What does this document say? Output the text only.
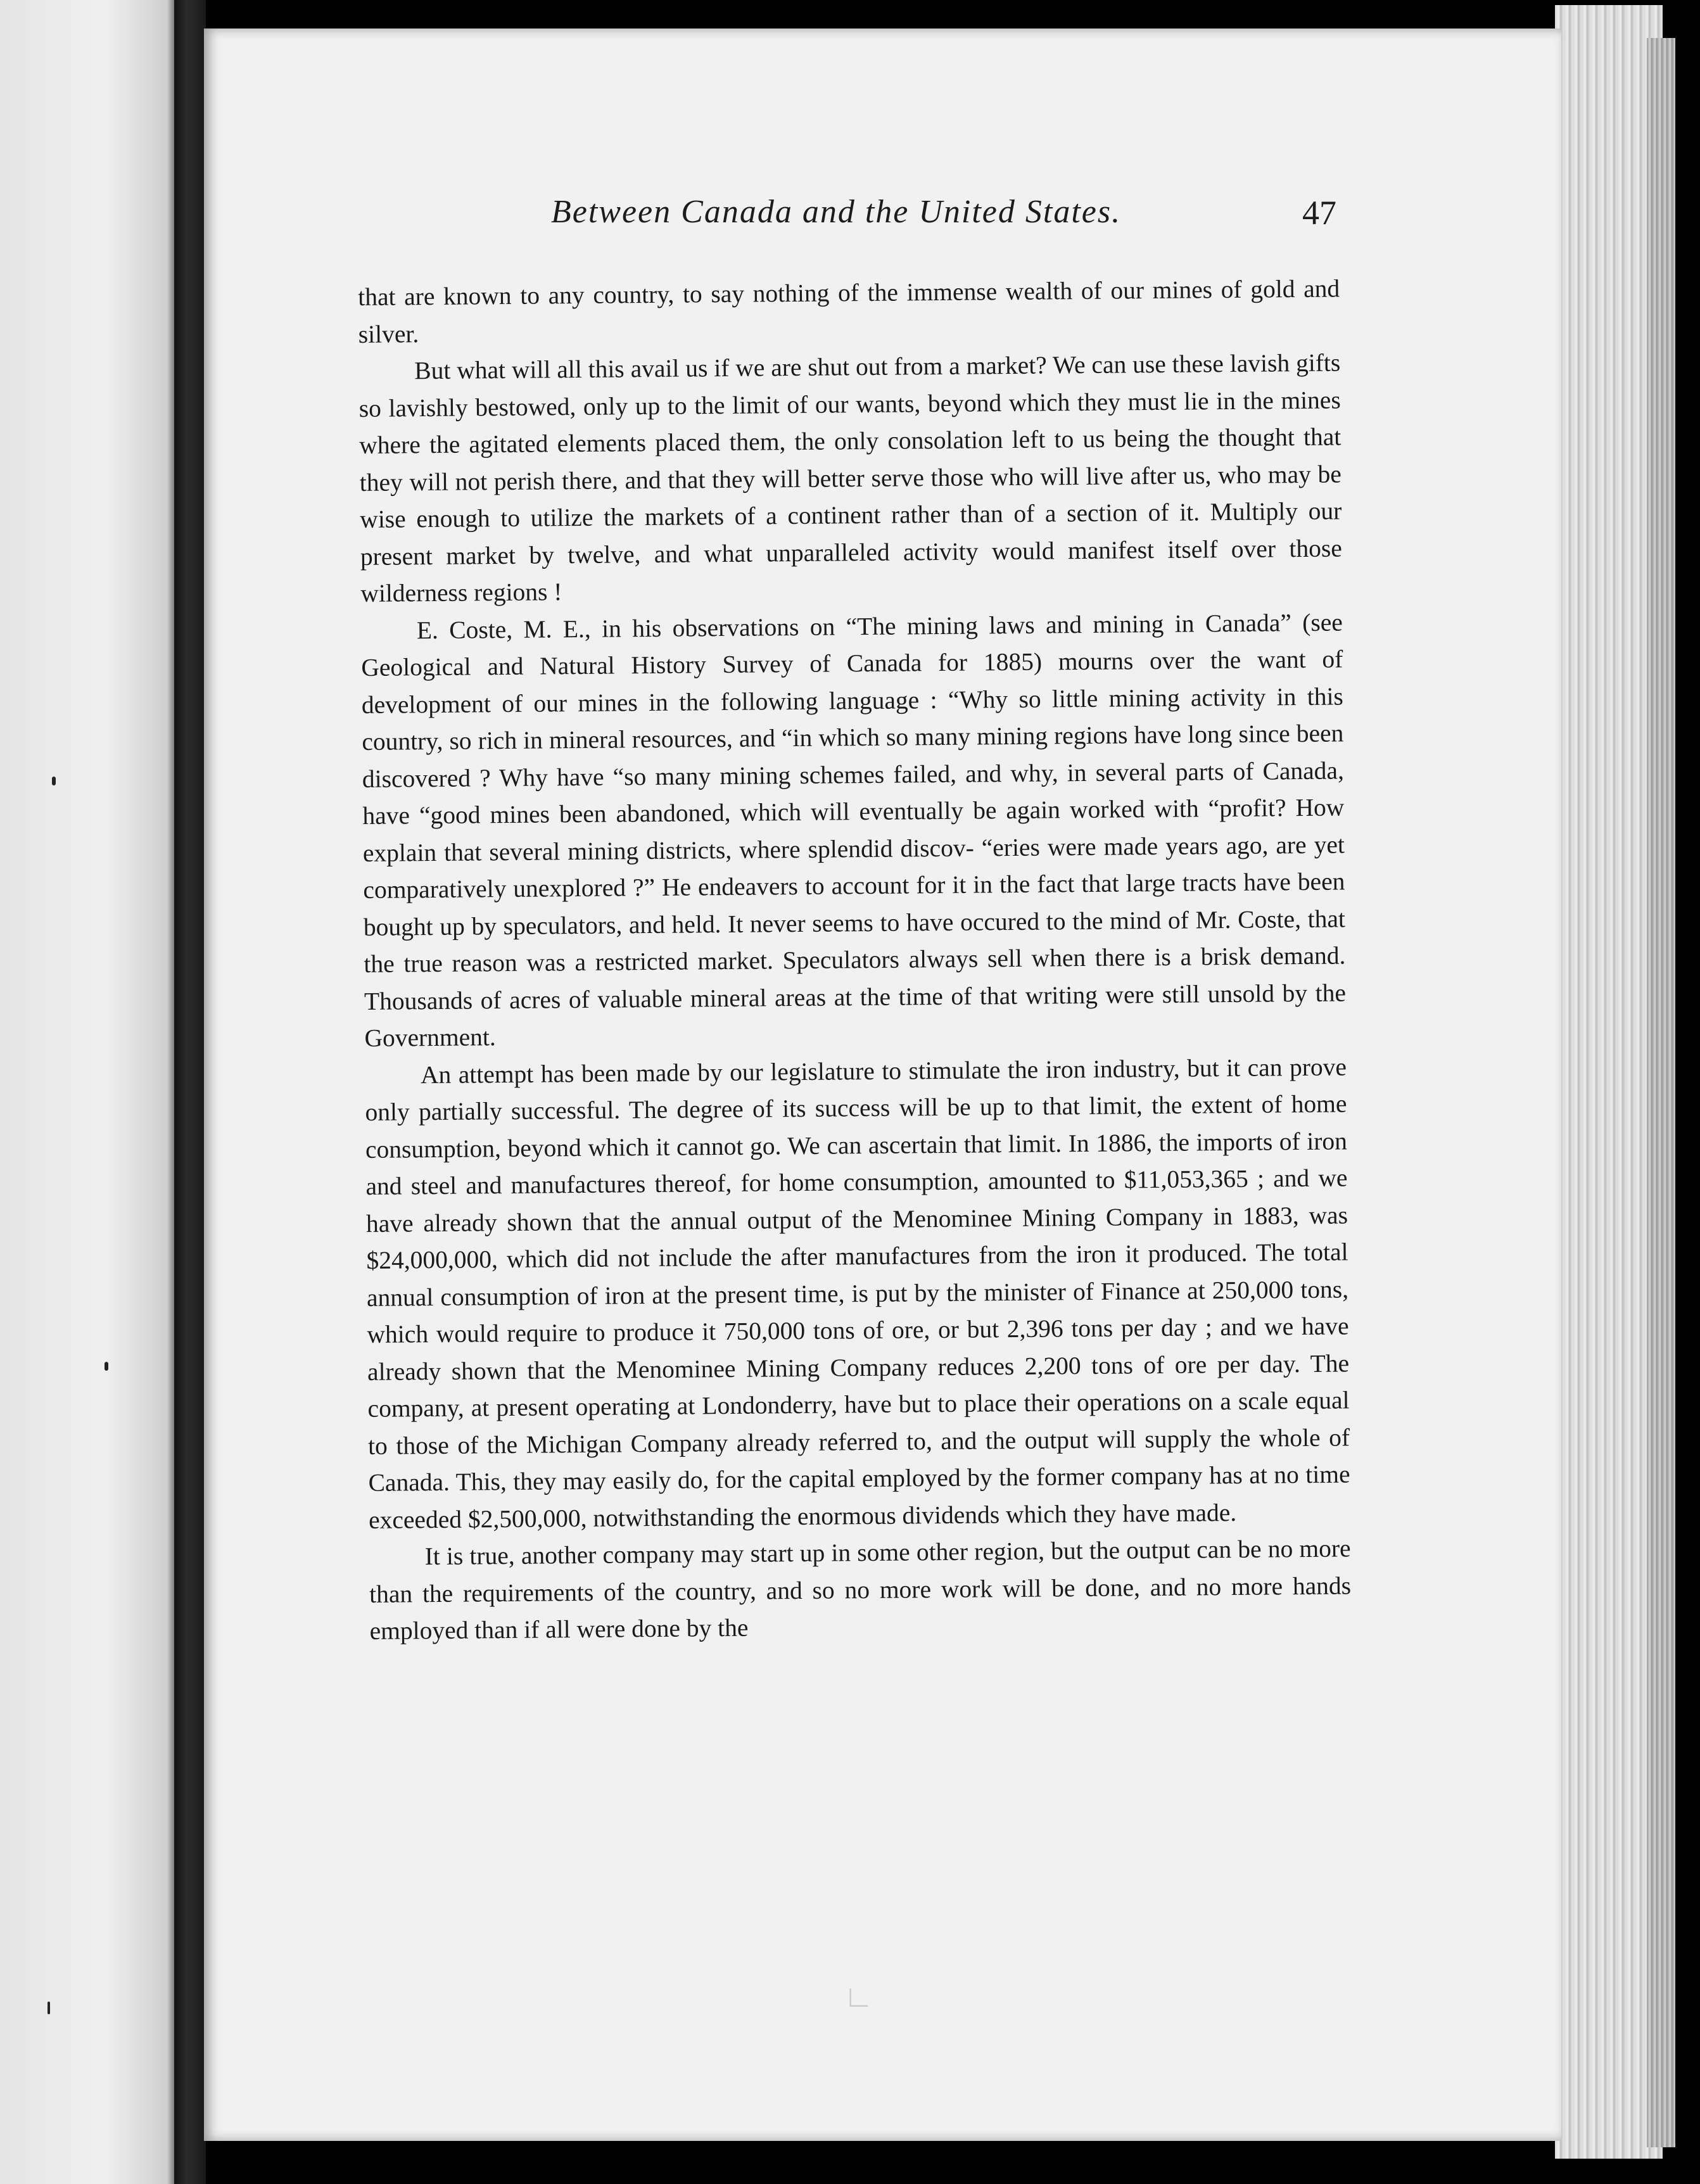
∟
Between Canada and the United States.	47

that are known to any country, to say nothing of the immense wealth of our mines of gold and silver.

But what will all this avail us if we are shut out from a market? We can use these lavish gifts so lavishly bestowed, only up to the limit of our wants, beyond which they must lie in the mines where the agitated elements placed them, the only consolation left to us being the thought that they will not perish there, and that they will better serve those who will live after us, who may be wise enough to utilize the markets of a continent rather than of a section of it. Multiply our present market by twelve, and what unparalleled activity would manifest itself over those wilderness regions !

E. Coste, M. E., in his observations on “The mining laws and mining in Canada” (see Geological and Natural History Survey of Canada for 1885) mourns over the want of development of our mines in the following language : “Why so little mining activity in this country, so rich in mineral resources, and “in which so many mining regions have long since been discovered ? Why have “so many mining schemes failed, and why, in several parts of Canada, have “good mines been abandoned, which will eventually be again worked with “profit? How explain that several mining districts, where splendid discov- “eries were made years ago, are yet comparatively unexplored ?” He endeavers to account for it in the fact that large tracts have been bought up by speculators, and held. It never seems to have occured to the mind of Mr. Coste, that the true reason was a restricted market. Speculators always sell when there is a brisk demand. Thousands of acres of valuable mineral areas at the time of that writing were still unsold by the Government.

An attempt has been made by our legislature to stimulate the iron industry, but it can prove only partially successful. The degree of its success will be up to that limit, the extent of home consumption, beyond which it cannot go. We can ascertain that limit. In 1886, the imports of iron and steel and manufactures thereof, for home consumption, amounted to $11,053,365 ; and we have already shown that the annual output of the Menominee Mining Company in 1883, was $24,000,000, which did not include the after manufactures from the iron it produced. The total annual consumption of iron at the present time, is put by the minister of Finance at 250,000 tons, which would require to produce it 750,000 tons of ore, or but 2,396 tons per day ; and we have already shown that the Menominee Mining Company reduces 2,200 tons of ore per day. The company, at present operating at Londonderry, have but to place their operations on a scale equal to those of the Michigan Company already referred to, and the output will supply the whole of Canada. This, they may easily do, for the capital employed by the former company has at no time exceeded $2,500,000, notwithstanding the enormous dividends which they have made.

It is true, another company may start up in some other region, but the output can be no more than the requirements of the country, and so no more work will be done, and no more hands employed than if all were done by the
